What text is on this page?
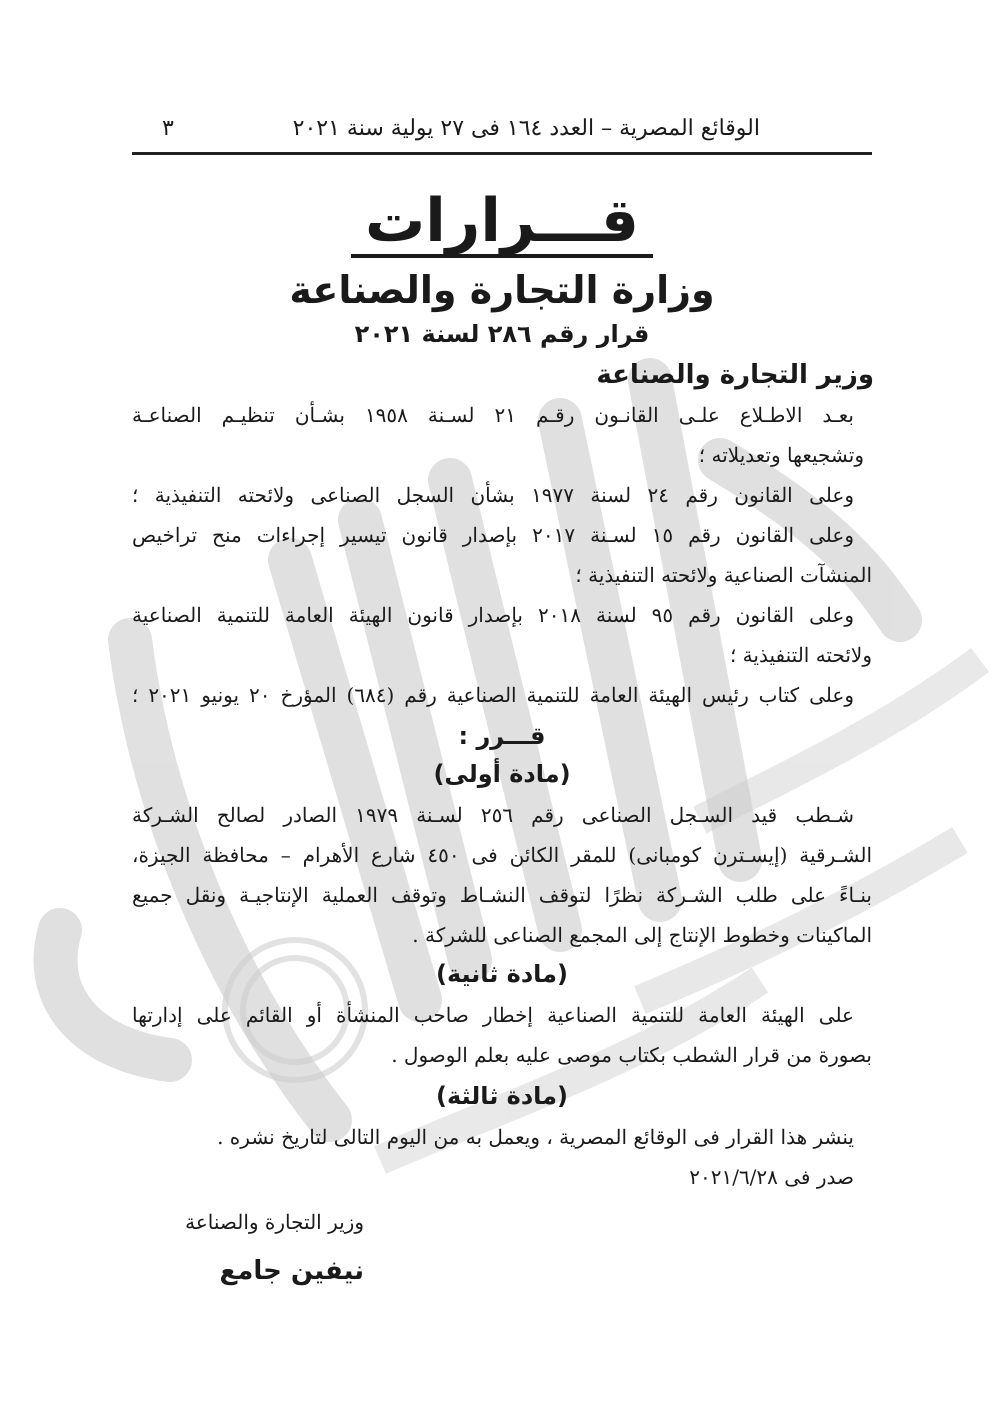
الوقائع المصرية – العدد ١٦٤ فى ٢٧ يولية سنة ٢٠٢١
٣
قـــرارات
وزارة التجارة والصناعة
قرار رقم ٢٨٦ لسنة ٢٠٢١
وزير التجارة والصناعة
بعـد الاطـلاع علـى القانـون رقـم ٢١ لسـنة ١٩٥٨ بشـأن تنظيـم الصناعـة
وتشجيعها وتعديلاته ؛
وعلى القانون رقم ٢٤ لسنة ١٩٧٧ بشأن السجل الصناعى ولائحته التنفيذية ؛
وعلى القانون رقم ١٥ لسـنة ٢٠١٧ بإصدار قانون تيسير إجراءات منح تراخيص
المنشآت الصناعية ولائحته التنفيذية ؛
وعلى القانون رقم ٩٥ لسنة ٢٠١٨ بإصدار قانون الهيئة العامة للتنمية الصناعية
ولائحته التنفيذية ؛
وعلى كتاب رئيس الهيئة العامة للتنمية الصناعية رقم (٦٨٤) المؤرخ ٢٠ يونيو ٢٠٢١ ؛
قـــرر :
(مادة أولى)
شـطب قيد السـجل الصناعى رقم ٢٥٦ لسـنة ١٩٧٩ الصادر لصالح الشـركة
الشـرقية (إيسـترن كومبانى) للمقر الكائن فى ٤٥٠ شارع الأهرام – محافظة الجيزة،
بنـاءً على طلب الشـركة نظرًا لتوقف النشـاط وتوقف العملية الإنتاجيـة ونقل جميع
الماكينات وخطوط الإنتاج إلى المجمع الصناعى للشركة .
(مادة ثانية)
على الهيئة العامة للتنمية الصناعية إخطار صاحب المنشأة أو القائم على إدارتها
بصورة من قرار الشطب بكتاب موصى عليه بعلم الوصول .
(مادة ثالثة)
ينشر هذا القرار فى الوقائع المصرية ، ويعمل به من اليوم التالى لتاريخ نشره .
صدر فى ٢٠٢١/٦/٢٨
وزير التجارة والصناعة
نيفين جامع
